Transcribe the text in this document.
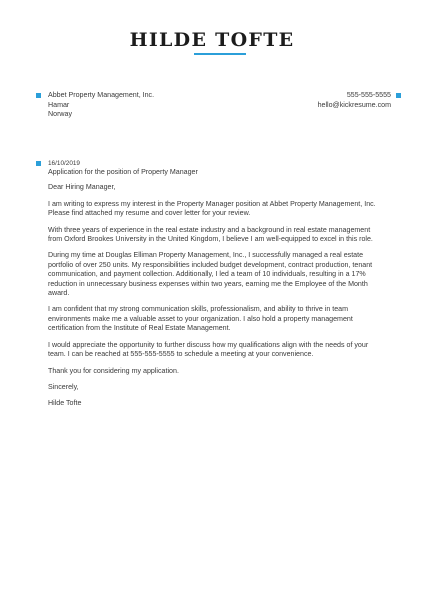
HILDE TOFTE
Abbet Property Management, Inc.
Hamar
Norway
555-555-5555
hello@kickresume.com
16/10/2019

Application for the position of Property Manager

Dear Hiring Manager,

I am writing to express my interest in the Property Manager position at Abbet Property Management, Inc. Please find attached my resume and cover letter for your review.

With three years of experience in the real estate industry and a background in real estate management from Oxford Brookes University in the United Kingdom, I believe I am well-equipped to excel in this role.

During my time at Douglas Elliman Property Management, Inc., I successfully managed a real estate portfolio of over 250 units. My responsibilities included budget development, contract production, tenant communication, and payment collection. Additionally, I led a team of 10 individuals, resulting in a 17% reduction in unnecessary business expenses within two years, earning me the Employee of the Month award.

I am confident that my strong communication skills, professionalism, and ability to thrive in team environments make me a valuable asset to your organization. I also hold a property management certification from the Institute of Real Estate Management.

I would appreciate the opportunity to further discuss how my qualifications align with the needs of your team. I can be reached at 555-555-5555 to schedule a meeting at your convenience.

Thank you for considering my application.

Sincerely,

Hilde Tofte
